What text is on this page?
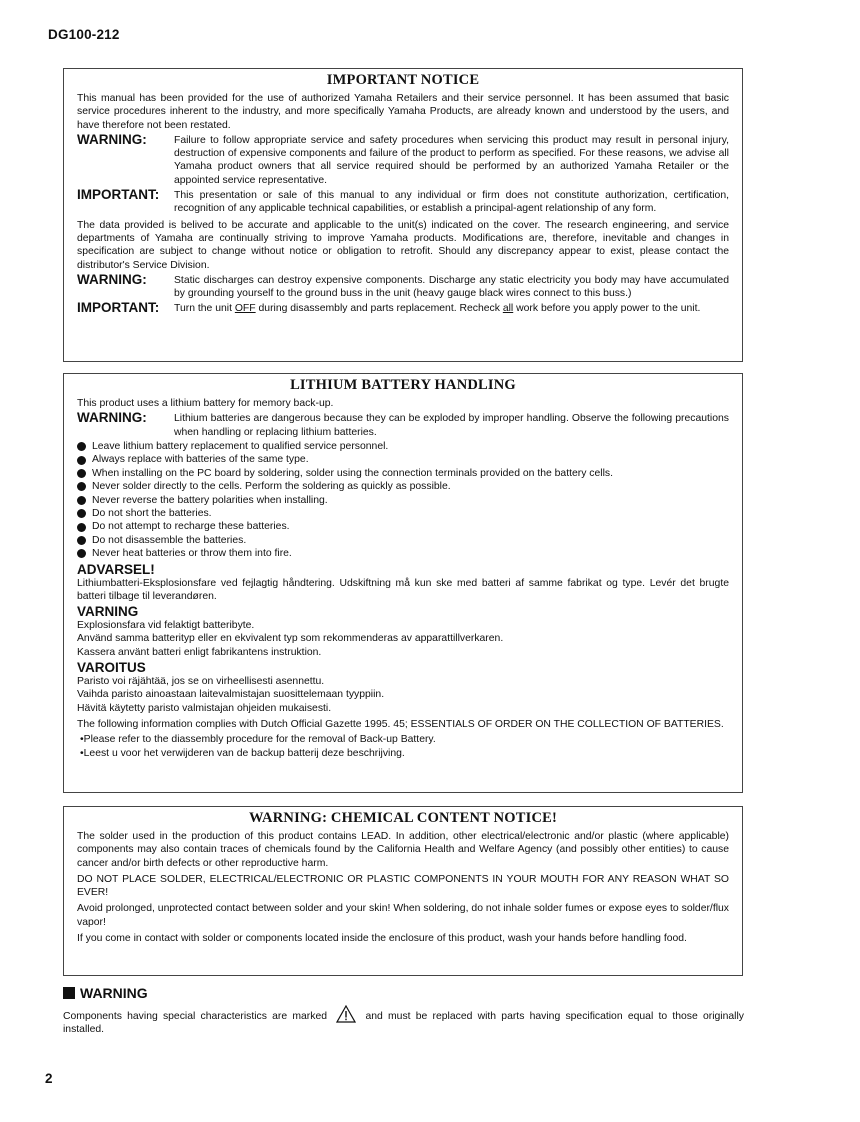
DG100-212
IMPORTANT NOTICE

This manual has been provided for the use of authorized Yamaha Retailers and their service personnel. It has been assumed that basic service procedures inherent to the industry, and more specifically Yamaha Products, are already known and understood by the users, and have therefore not been restated.

WARNING:	Failure to follow appropriate service and safety procedures when servicing this product may result in personal injury, destruction of expensive components and failure of the product to perform as specified. For these reasons, we advise all Yamaha product owners that all service required should be performed by an authorized Yamaha Retailer or the appointed service representative.
IMPORTANT:	This presentation or sale of this manual to any individual or firm does not constitute authorization, certification, recognition of any applicable technical capabilities, or establish a principal-agent relationship of any form.

The data provided is belived to be accurate and applicable to the unit(s) indicated on the cover. The research engineering, and service departments of Yamaha are continually striving to improve Yamaha products. Modifications are, therefore, inevitable and changes in specification are subject to change without notice or obligation to retrofit. Should any discrepancy appear to exist, please contact the distributor's Service Division.

WARNING:	Static discharges can destroy expensive components. Discharge any static electricity you body may have accumulated by grounding yourself to the ground buss in the unit (heavy gauge black wires connect to this buss.)
IMPORTANT:	Turn the unit OFF during disassembly and parts replacement. Recheck all work before you apply power to the unit.
LITHIUM BATTERY HANDLING

This product uses a lithium battery for memory back-up.

WARNING:	Lithium batteries are dangerous because they can be exploded by improper handling. Observe the following precautions when handling or replacing lithium batteries.
Leave lithium battery replacement to qualified service personnel.
Always replace with batteries of the same type.
When installing on the PC board by soldering, solder using the connection terminals provided on the battery cells.
Never solder directly to the cells. Perform the soldering as quickly as possible.
Never reverse the battery polarities when installing.
Do not short the batteries.
Do not attempt to recharge these batteries.
Do not disassemble the batteries.
Never heat batteries or throw them into fire.
ADVARSEL!

Lithiumbatteri-Eksplosionsfare ved fejlagtig håndtering. Udskiftning må kun ske med batteri af samme fabrikat og type. Levér det brugte batteri tilbage til leverandøren.

VARNING

Explosionsfara vid felaktigt batteribyte.

Använd samma batterityp eller en ekvivalent typ som rekommenderas av apparattillverkaren.

Kassera använt batteri enligt fabrikantens instruktion.

VAROITUS

Paristo voi räjähtää, jos se on virheellisesti asennettu.

Vaihda paristo ainoastaan laitevalmistajan suosittelemaan tyyppiin.

Hävitä käytetty paristo valmistajan ohjeiden mukaisesti.

The following information complies with Dutch Official Gazette 1995. 45; ESSENTIALS OF ORDER ON THE COLLECTION OF BATTERIES.

•Please refer to the diassembly procedure for the removal of Back-up Battery.
•Leest u voor het verwijderen van de backup batterij deze beschrijving.
WARNING: CHEMICAL CONTENT NOTICE!

The solder used in the production of this product contains LEAD. In addition, other electrical/electronic and/or plastic (where applicable) components may also contain traces of chemicals found by the California Health and Welfare Agency (and possibly other entities) to cause cancer and/or birth defects or other reproductive harm.

DO NOT PLACE SOLDER, ELECTRICAL/ELECTRONIC OR PLASTIC COMPONENTS IN YOUR MOUTH FOR ANY REASON WHAT SO EVER!

Avoid prolonged, unprotected contact between solder and your skin! When soldering, do not inhale solder fumes or expose eyes to solder/flux vapor!

If you come in contact with solder or components located inside the enclosure of this product, wash your hands before handling food.

WARNING
Components having special characteristics are marked	and must be replaced with parts having specification equal to those originally installed.
2
